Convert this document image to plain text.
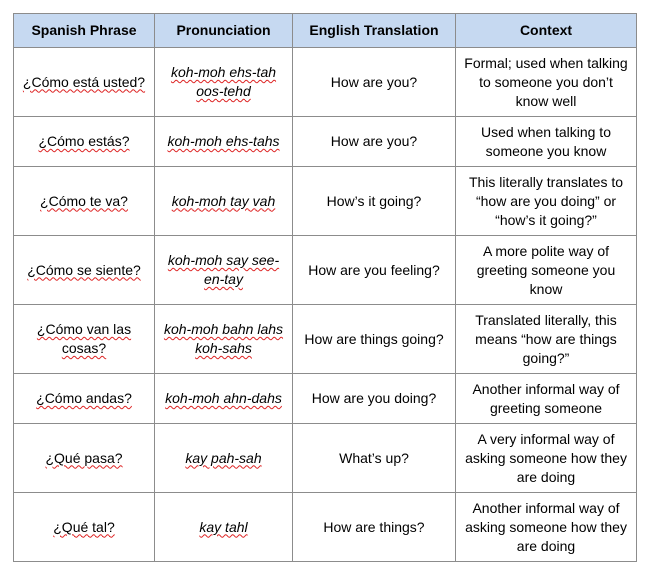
Spanish Phrase	Pronunciation	English Translation	Context
¿Cómo está usted?	koh-moh ehs-tah oos-tehd	How are you?	Formal; used when talking to someone you don’t know well
¿Cómo estás?	koh-moh ehs-tahs	How are you?	Used when talking to someone you know
¿Cómo te va?	koh-moh tay vah	How’s it going?	This literally translates to “how are you doing” or “how’s it going?”
¿Cómo se siente?	koh-moh say see-en-tay	How are you feeling?	A more polite way of greeting someone you know
¿Cómo van las cosas?	koh-moh bahn lahs koh-sahs	How are things going?	Translated literally, this means “how are things going?”
¿Cómo andas?	koh-moh ahn-dahs	How are you doing?	Another informal way of greeting someone
¿Qué pasa?	kay pah-sah	What’s up?	A very informal way of asking someone how they are doing
¿Qué tal?	kay tahl	How are things?	Another informal way of asking someone how they are doing
